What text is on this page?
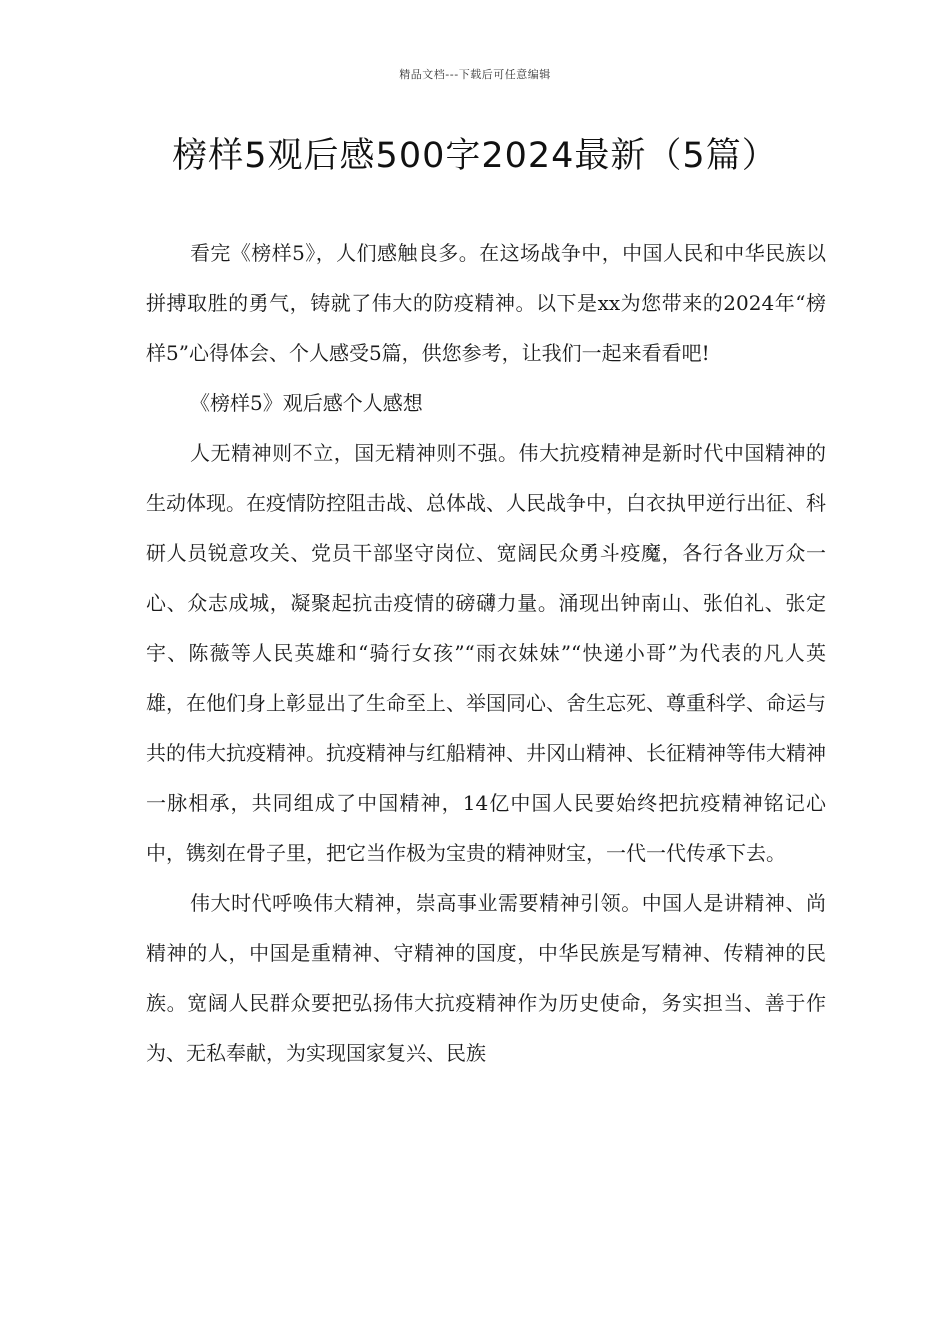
精品文档---下载后可任意编辑
榜样5观后感500字2024最新（5篇）

看完《榜样5》，人们感触良多。在这场战争中，中国人民和中华民族以拼搏取胜的勇气，铸就了伟大的防疫精神。以下是xx为您带来的2024年“榜样5”心得体会、个人感受5篇，供您参考，让我们一起来看看吧!

《榜样5》观后感个人感想

人无精神则不立，国无精神则不强。伟大抗疫精神是新时代中国精神的生动体现。在疫情防控阻击战、总体战、人民战争中，白衣执甲逆行出征、科研人员锐意攻关、党员干部坚守岗位、宽阔民众勇斗疫魔，各行各业万众一心、众志成城，凝聚起抗击疫情的磅礴力量。涌现出钟南山、张伯礼、张定宇、陈薇等人民英雄和“骑行女孩”“雨衣妹妹”“快递小哥”为代表的凡人英雄，在他们身上彰显出了生命至上、举国同心、舍生忘死、尊重科学、命运与共的伟大抗疫精神。抗疫精神与红船精神、井冈山精神、长征精神等伟大精神一脉相承，共同组成了中国精神，14亿中国人民要始终把抗疫精神铭记心中，镌刻在骨子里，把它当作极为宝贵的精神财宝，一代一代传承下去。

伟大时代呼唤伟大精神，崇高事业需要精神引领。中国人是讲精神、尚精神的人，中国是重精神、守精神的国度，中华民族是写精神、传精神的民族。宽阔人民群众要把弘扬伟大抗疫精神作为历史使命，务实担当、善于作为、无私奉献，为实现国家复兴、民族
